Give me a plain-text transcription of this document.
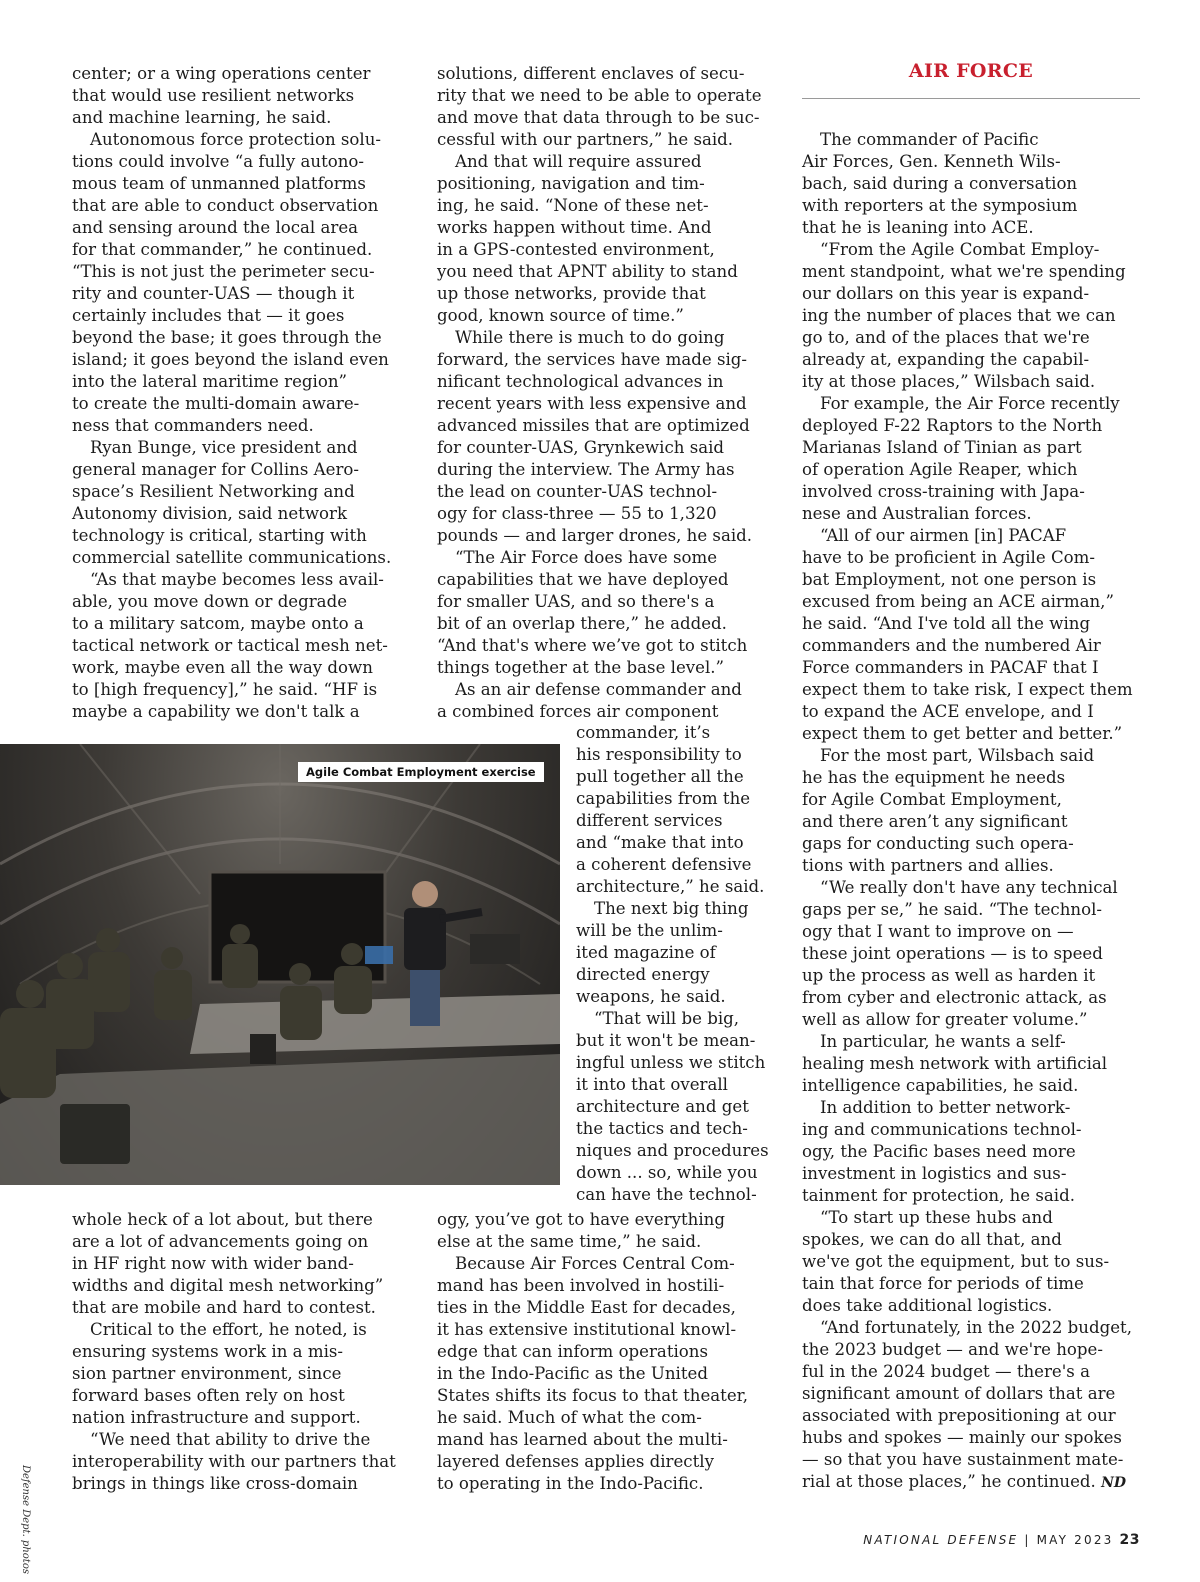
AIR FORCE
center; or a wing operations center
that would use resilient networks
and machine learning, he said.
Autonomous force protection solu-
tions could involve “a fully autono-
mous team of unmanned platforms
that are able to conduct observation
and sensing around the local area
for that commander,” he continued.
“This is not just the perimeter secu-
rity and counter-UAS — though it
certainly includes that — it goes
beyond the base; it goes through the
island; it goes beyond the island even
into the lateral maritime region”
to create the multi-domain aware-
ness that commanders need.
Ryan Bunge, vice president and
general manager for Collins Aero-
space’s Resilient Networking and
Autonomy division, said network
technology is critical, starting with
commercial satellite communications.
“As that maybe becomes less avail-
able, you move down or degrade
to a military satcom, maybe onto a
tactical network or tactical mesh net-
work, maybe even all the way down
to [high frequency],” he said. “HF is
maybe a capability we don't talk a
whole heck of a lot about, but there
are a lot of advancements going on
in HF right now with wider band-
widths and digital mesh networking”
that are mobile and hard to contest.
Critical to the effort, he noted, is
ensuring systems work in a mis-
sion partner environment, since
forward bases often rely on host
nation infrastructure and support.
“We need that ability to drive the
interoperability with our partners that
brings in things like cross-domain
solutions, different enclaves of secu-
rity that we need to be able to operate
and move that data through to be suc-
cessful with our partners,” he said.
And that will require assured
positioning, navigation and tim-
ing, he said. “None of these net-
works happen without time. And
in a GPS-contested environment,
you need that APNT ability to stand
up those networks, provide that
good, known source of time.”
While there is much to do going
forward, the services have made sig-
nificant technological advances in
recent years with less expensive and
advanced missiles that are optimized
for counter-UAS, Grynkewich said
during the interview. The Army has
the lead on counter-UAS technol-
ogy for class-three — 55 to 1,320
pounds — and larger drones, he said.
“The Air Force does have some
capabilities that we have deployed
for smaller UAS, and so there's a
bit of an overlap there,” he added.
“And that's where we’ve got to stitch
things together at the base level.”
As an air defense commander and
a combined forces air component
commander, it’s
his responsibility to
pull together all the
capabilities from the
different services
and “make that into
a coherent defensive
architecture,” he said.
The next big thing
will be the unlim-
ited magazine of
directed energy
weapons, he said.
“That will be big,
but it won't be mean-
ingful unless we stitch
it into that overall
architecture and get
the tactics and tech-
niques and procedures
down ... so, while you
can have the technol-
ogy, you’ve got to have everything
else at the same time,” he said.
Because Air Forces Central Com-
mand has been involved in hostili-
ties in the Middle East for decades,
it has extensive institutional knowl-
edge that can inform operations
in the Indo-Pacific as the United
States shifts its focus to that theater,
he said. Much of what the com-
mand has learned about the multi-
layered defenses applies directly
to operating in the Indo-Pacific.
The commander of Pacific
Air Forces, Gen. Kenneth Wils-
bach, said during a conversation
with reporters at the symposium
that he is leaning into ACE.
“From the Agile Combat Employ-
ment standpoint, what we're spending
our dollars on this year is expand-
ing the number of places that we can
go to, and of the places that we're
already at, expanding the capabil-
ity at those places,” Wilsbach said.
For example, the Air Force recently
deployed F-22 Raptors to the North
Marianas Island of Tinian as part
of operation Agile Reaper, which
involved cross-training with Japa-
nese and Australian forces.
“All of our airmen [in] PACAF
have to be proficient in Agile Com-
bat Employment, not one person is
excused from being an ACE airman,”
he said. “And I've told all the wing
commanders and the numbered Air
Force commanders in PACAF that I
expect them to take risk, I expect them
to expand the ACE envelope, and I
expect them to get better and better.”
For the most part, Wilsbach said
he has the equipment he needs
for Agile Combat Employment,
and there aren’t any significant
gaps for conducting such opera-
tions with partners and allies.
“We really don't have any technical
gaps per se,” he said. “The technol-
ogy that I want to improve on —
these joint operations — is to speed
up the process as well as harden it
from cyber and electronic attack, as
well as allow for greater volume.”
In particular, he wants a self-
healing mesh network with artificial
intelligence capabilities, he said.
In addition to better network-
ing and communications technol-
ogy, the Pacific bases need more
investment in logistics and sus-
tainment for protection, he said.
“To start up these hubs and
spokes, we can do all that, and
we've got the equipment, but to sus-
tain that force for periods of time
does take additional logistics.
“And fortunately, in the 2022 budget,
the 2023 budget — and we're hope-
ful in the 2024 budget — there's a
significant amount of dollars that are
associated with prepositioning at our
hubs and spokes — mainly our spokes
— so that you have sustainment mate-
rial at those places,” he continued. ND
Agile Combat Employment exercise
Defense Dept. photos	NATIONAL DEFENSE | MAY 2023 23
